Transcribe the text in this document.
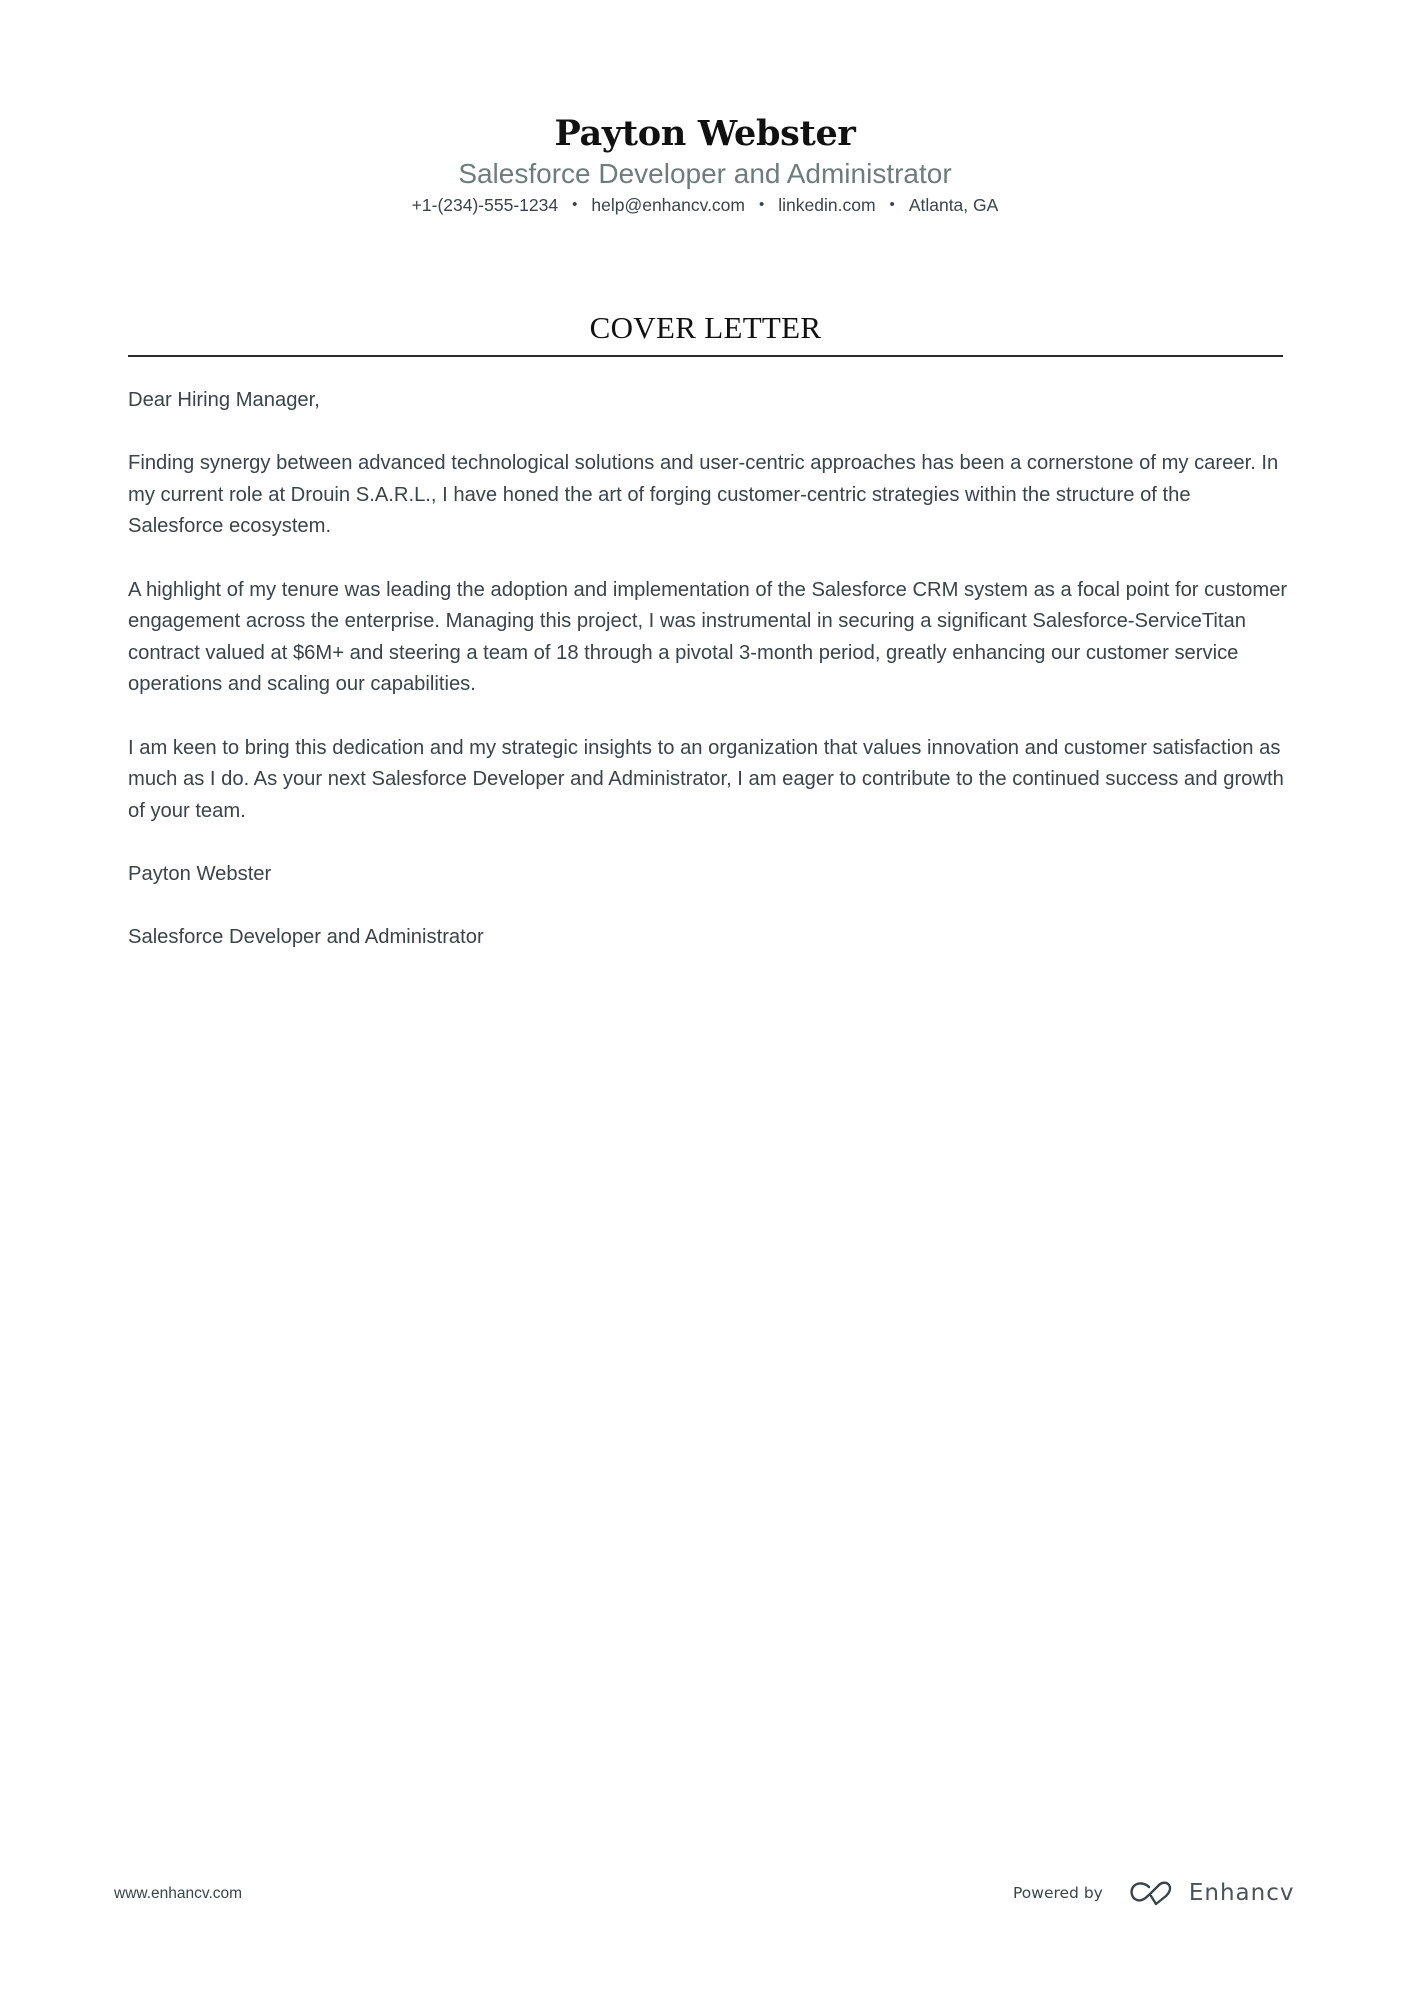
Payton Webster
Salesforce Developer and Administrator
+1-(234)-555-1234 • help@enhancv.com • linkedin.com • Atlanta, GA
COVER LETTER

Dear Hiring Manager,

Finding synergy between advanced technological solutions and user-centric approaches has been a cornerstone of my career. In my current role at Drouin S.A.R.L., I have honed the art of forging customer-centric strategies within the structure of the Salesforce ecosystem.

A highlight of my tenure was leading the adoption and implementation of the Salesforce CRM system as a focal point for customer engagement across the enterprise. Managing this project, I was instrumental in securing a significant Salesforce-ServiceTitan contract valued at $6M+ and steering a team of 18 through a pivotal 3-month period, greatly enhancing our customer service operations and scaling our capabilities.

I am keen to bring this dedication and my strategic insights to an organization that values innovation and customer satisfaction as much as I do. As your next Salesforce Developer and Administrator, I am eager to contribute to the continued success and growth of your team.

Payton Webster

Salesforce Developer and Administrator

www.enhancv.com	Powered by	Enhancv
